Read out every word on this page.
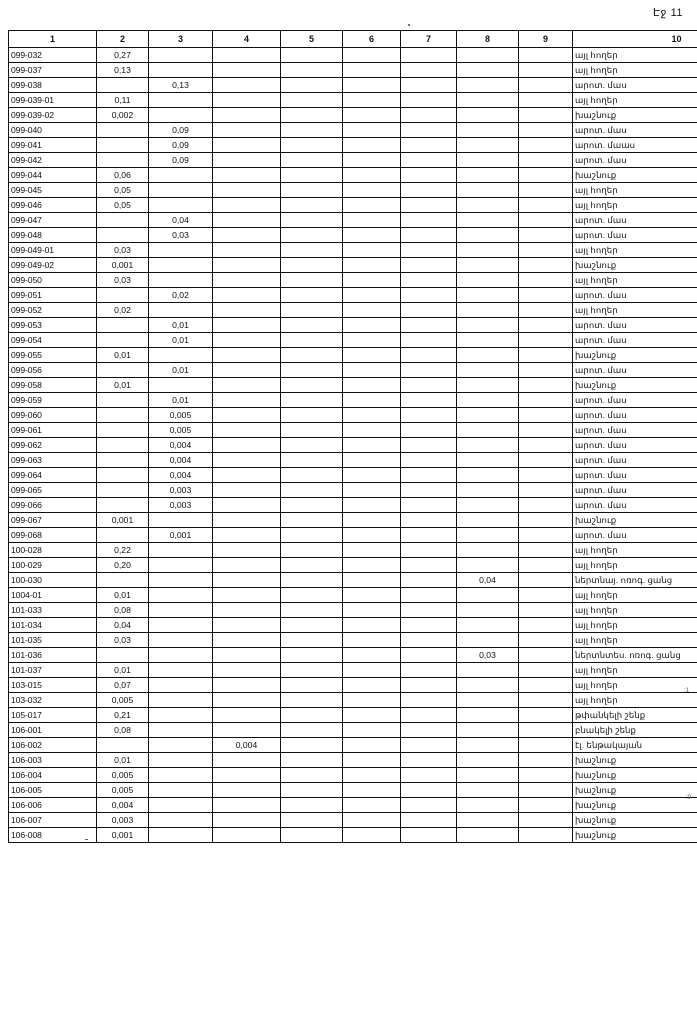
Էջ 11
1	2	3	4	5	6	7	8	9	10
099-032	0,27								այլ հողեր
099-037	0,13								այլ հողեր
099-038		0,13							արոտ. մաս
099-039-01	0,11								այլ հողեր
099-039-02	0,002								խաշնուք
099-040		0,09							արոտ. մաս
099-041		0,09							արոտ. մաաս
099-042		0,09							արոտ. մաս
099-044	0,06								խաշնուք
099-045	0,05								այլ հողեր
099-046	0,05								այլ հողեր
099-047		0,04							արոտ. մաս
099-048		0,03							արոտ. մաս
099-049-01	0,03								այլ հողեր
099-049-02	0,001								խաշնուք
099-050	0,03								այլ հողեր
099-051		0,02							արոտ. մաս
099-052	0,02								այլ հողեր
099-053		0,01							արոտ. մաս
099-054		0,01							արոտ. մաս
099-055	0,01								խաշնուք
099-056		0,01							արոտ. մաս
099-058	0,01								խաշնուք
099-059		0,01							արոտ. մաս
099-060		0,005							արոտ. մաս
099-061		0,005							արոտ. մաս
099-062		0,004							արոտ. մաս
099-063		0,004							արոտ. մաս
099-064		0,004							արոտ. մաս
099-065		0,003							արոտ. մաս
099-066		0,003							արոտ. մաս
099-067	0,001								խաշնուք
099-068		0,001							արոտ. մաս
100-028	0,22								այլ հողեր
100-029	0,20								այլ հողեր
100-030							0,04		ներտնայ. ոռոգ. ցանց
1004-01	0,01								այլ հողեր
101-033	0,08								այլ հողեր
101-034	0,04								այլ հողեր
101-035	0,03								այլ հողեր
101-036							0,03		ներտնտես. ոռոգ. ցանց
101-037	0,01								այլ հողեր
103-015	0,07								այլ հողեր
103-032	0,005								այլ հողեր
105-017	0,21								թփանկելի շենք
106-001	0,08								բնակելի շենք
106-002			0,004						էլ. ենթակայան
106-003	0,01								խաշնուք
106-004	0,005								խաշնուք
106-005	0,005								խաշնուք
106-006	0,004								խաշնուք
106-007	0,003								խաշնուք
106-008	0,001								խաշնուք
:1
:0
